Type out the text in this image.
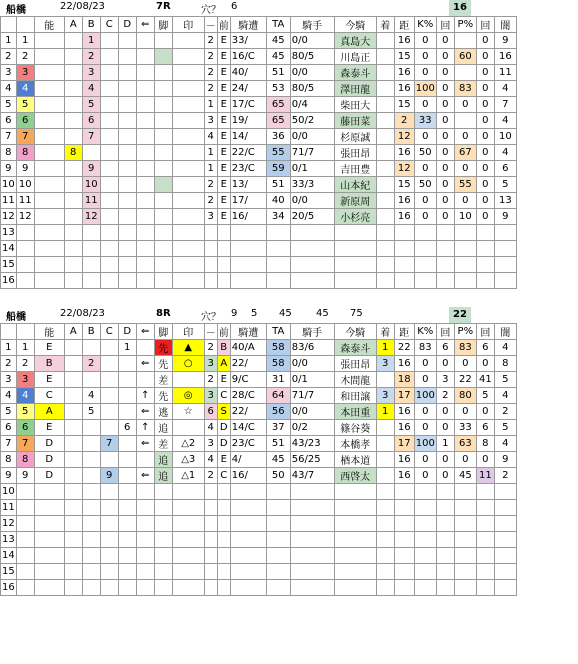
船橋	22/08/23	7R	穴？ 6	16
		能	A	B	C	D	⇐	脚	印	－	前	騎遭	TA	騎手	今騎	着	距	K%	回	P%	回	闇
1	1			1						2	E	33/	45	0/0	真島大		16	0	0		0	9
2	2			2						2	E	16/C	45	80/5	川島正		15	0	0	60	0	16
3	3			3						2	E	40/	51	0/0	森泰斗		16	0	0		0	11
4	4			4						2	E	24/	53	80/5	澤田龍		16	100	0	83	0	4
5	5			5						1	E	17/C	65	0/4	柴田大		15	0	0	0	0	7
6	6			6						3	E	19/	65	50/2	藤田菜		2	33	0		0	4
7	7			7						4	E	14/	36	0/0	杉原誠		12	0	0	0	0	10
8	8		8							1	E	22/C	55	71/7	張田昂		16	50	0	67	0	4
9	9			9						1	E	23/C	59	0/1	吉田豊		12	0	0	0	0	6
10	10			10						2	E	13/	51	33/3	山本紀		15	50	0	55	0	5
11	11			11						2	E	17/	40	0/0	新原周		16	0	0	0	0	13
12	12			12						3	E	16/	34	20/5	小杉亮		16	0	0	10	0	9
13																						
14																						
15																						
16																						
船橋	22/08/23	8R	穴？ 9 5 45 45 75	22
		能	A	B	C	D	⇐	脚	印	－	前	騎遭	TA	騎手	今騎	着	距	K%	回	P%	回	闇
1	1	E				1		先	▲	2	B	40/A	58	83/6	森泰斗	1	22	83	6	83	6	4
2	2	B		2			⇐	先	○	3	A	22/	58	0/0	張田昂	3	16	0	0	0	0	8
3	3	E						差		2	E	9/C	31	0/1	木間龍		18	0	3	22	41	5
4	4	C		4			↑	先	◎	3	C	28/C	64	71/7	和田譲	3	17	100	2	80	5	4
5	5	A		5			⇐	逃	☆	6	S	22/	56	0/0	本田重	1	16	0	0	0	0	2
6	6	E				6	↑	追		4	D	14/C	37	0/2	篠谷葵		16	0	0	33	6	5
7	7	D			7		⇐	差	△2	3	D	23/C	51	43/23	本橋孝		17	100	1	63	8	4
8	8	D						追	△3	4	E	4/	45	56/25	楢本道		16	0	0	0	0	9
9	9	D			9		⇐	追	△1	2	C	16/	50	43/7	西啓太		16	0	0	45	11	2
10																						
11																						
12																						
13																						
14																						
15																						
16																						
